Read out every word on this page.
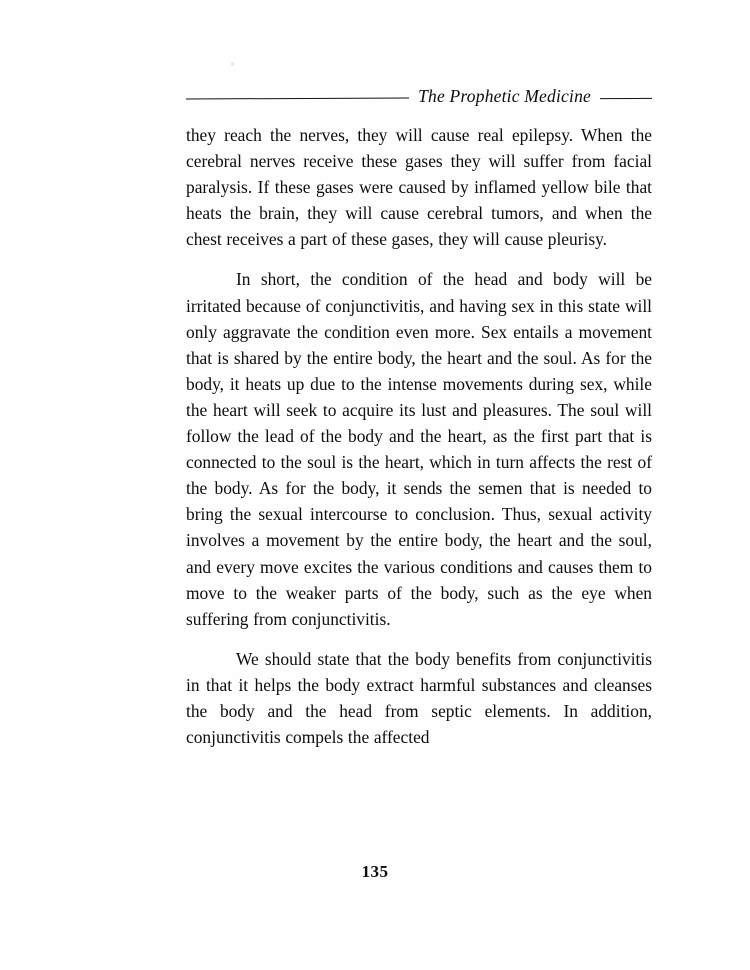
The Prophetic Medicine

they reach the nerves, they will cause real epilepsy. When the cerebral nerves receive these gases they will suffer from facial paralysis. If these gases were caused by inflamed yellow bile that heats the brain, they will cause cerebral tumors, and when the chest receives a part of these gases, they will cause pleurisy.

In short, the condition of the head and body will be irritated because of conjunctivitis, and having sex in this state will only aggravate the condition even more. Sex entails a movement that is shared by the entire body, the heart and the soul. As for the body, it heats up due to the intense movements during sex, while the heart will seek to acquire its lust and pleasures. The soul will follow the lead of the body and the heart, as the first part that is connected to the soul is the heart, which in turn affects the rest of the body. As for the body, it sends the semen that is needed to bring the sexual intercourse to conclusion. Thus, sexual activity involves a movement by the entire body, the heart and the soul, and every move excites the various conditions and causes them to move to the weaker parts of the body, such as the eye when suffering from conjunctivitis.

We should state that the body benefits from conjunctivitis in that it helps the body extract harmful substances and cleanses the body and the head from septic elements. In addition, conjunctivitis compels the affected

135
